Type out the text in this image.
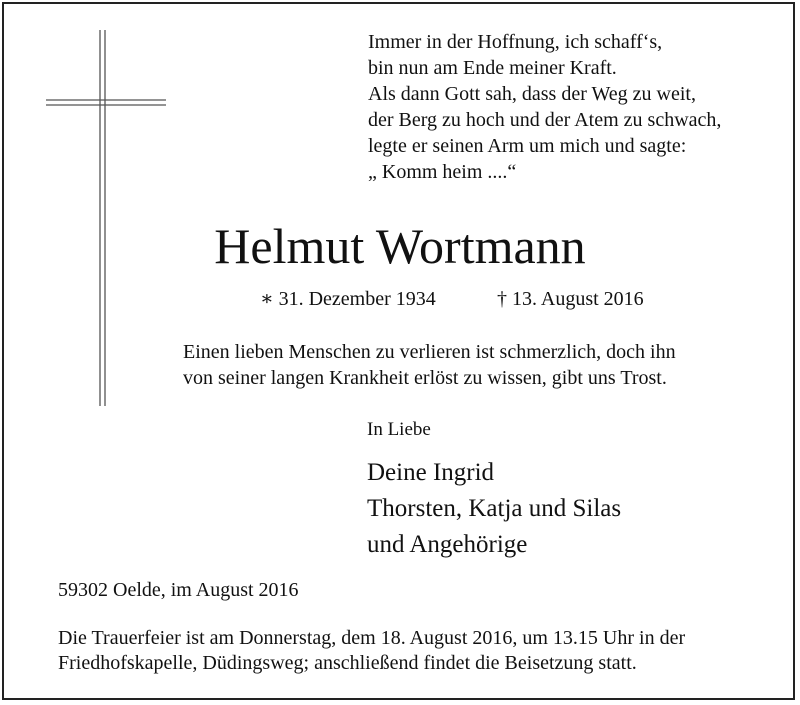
Immer in der Hoffnung, ich schaff‘s,
bin nun am Ende meiner Kraft.
Als dann Gott sah, dass der Weg zu weit,
der Berg zu hoch und der Atem zu schwach,
legte er seinen Arm um mich und sagte:
„ Komm heim ....“
Helmut Wortmann
∗ 31. Dezember 1934	† 13. August 2016
Einen lieben Menschen zu verlieren ist schmerzlich, doch ihn
von seiner langen Krankheit erlöst zu wissen, gibt uns Trost.
In Liebe
Deine Ingrid
Thorsten, Katja und Silas
und Angehörige
59302 Oelde, im August 2016
Die Trauerfeier ist am Donnerstag, dem 18. August 2016, um 13.15 Uhr in der
Friedhofskapelle, Düdingsweg; anschließend findet die Beisetzung statt.
